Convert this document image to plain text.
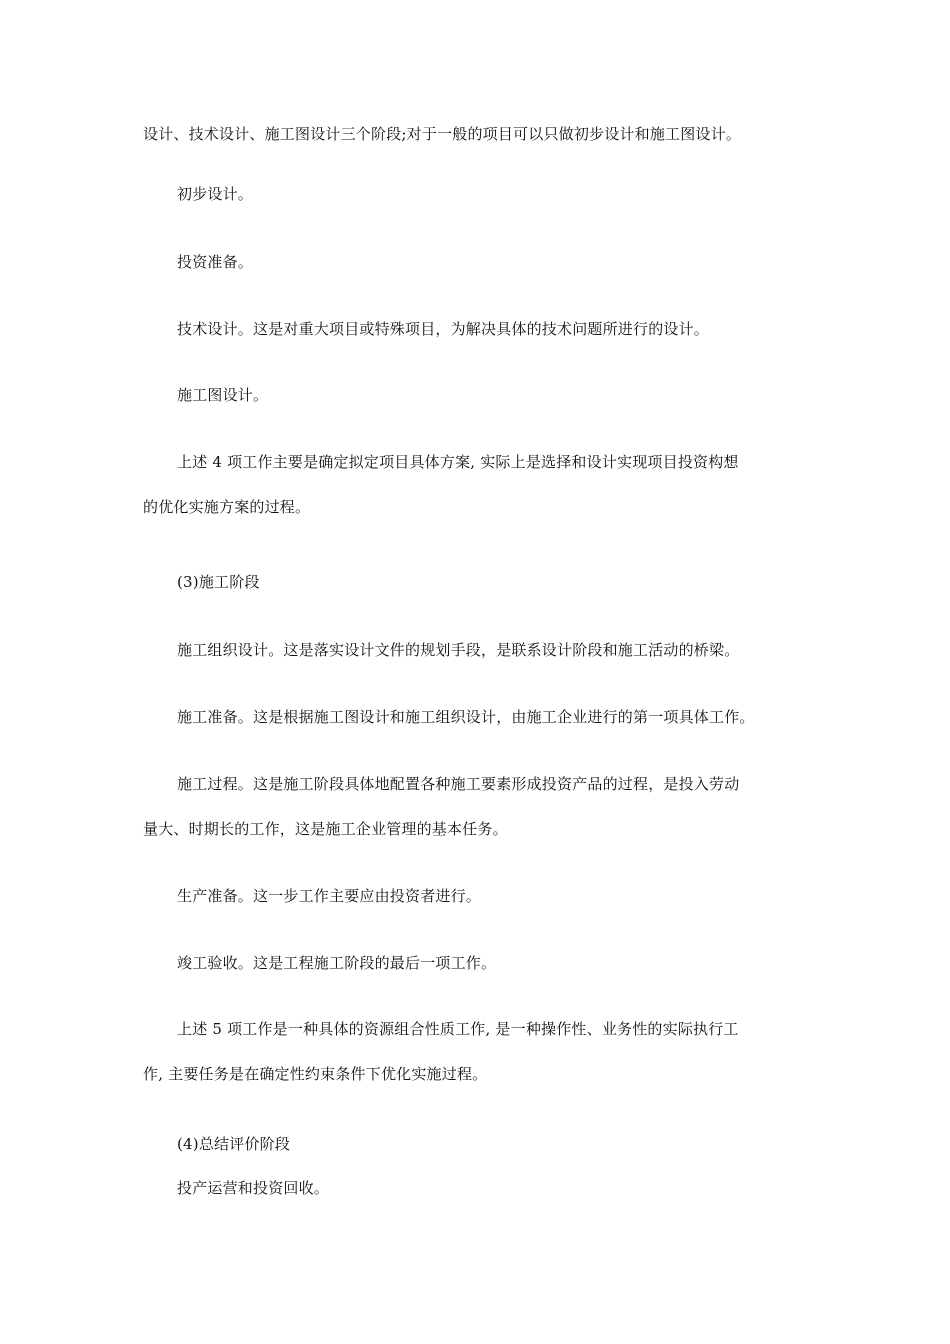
设计、技术设计、施工图设计三个阶段;对于一般的项目可以只做初步设计和施工图设计。
初步设计。
投资准备。
技术设计。这是对重大项目或特殊项目，为解决具体的技术问题所进行的设计。
施工图设计。
上述 4 项工作主要是确定拟定项目具体方案, 实际上是选择和设计实现项目投资构想
的优化实施方案的过程。
(3)施工阶段
施工组织设计。这是落实设计文件的规划手段，是联系设计阶段和施工活动的桥梁。
施工准备。这是根据施工图设计和施工组织设计，由施工企业进行的第一项具体工作。
施工过程。这是施工阶段具体地配置各种施工要素形成投资产品的过程，是投入劳动
量大、时期长的工作，这是施工企业管理的基本任务。
生产准备。这一步工作主要应由投资者进行。
竣工验收。这是工程施工阶段的最后一项工作。
上述 5 项工作是一种具体的资源组合性质工作, 是一种操作性、业务性的实际执行工
作, 主要任务是在确定性约束条件下优化实施过程。
(4)总结评价阶段
投产运营和投资回收。
